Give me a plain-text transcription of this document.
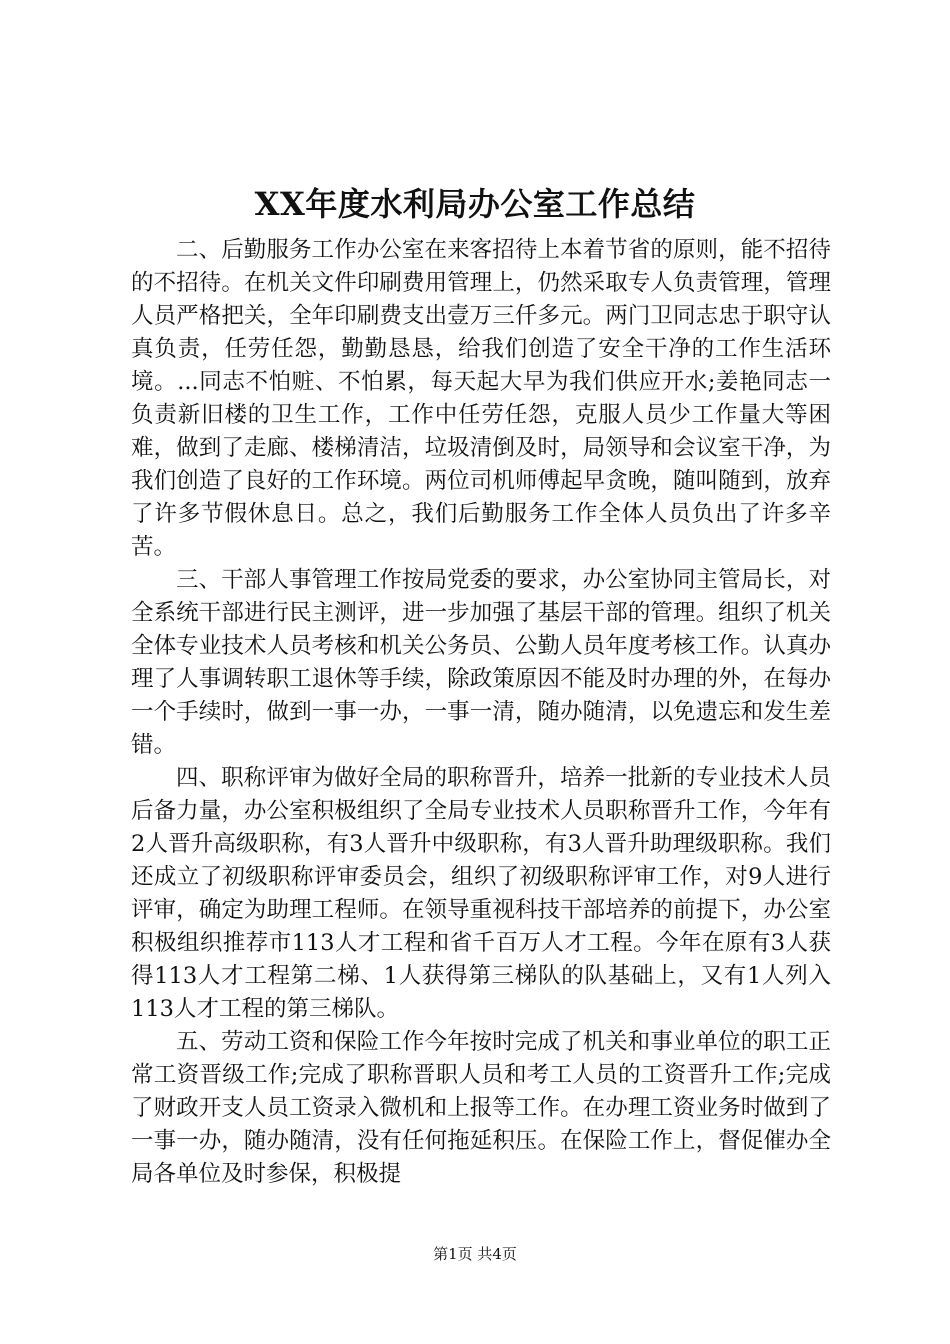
XX年度水利局办公室工作总结

二、后勤服务工作办公室在来客招待上本着节省的原则，能不招待的不招待。在机关文件印刷费用管理上，仍然采取专人负责管理，管理人员严格把关，全年印刷费支出壹万三仟多元。两门卫同志忠于职守认真负责，任劳任怨，勤勤恳恳，给我们创造了安全干净的工作生活环境。...同志不怕赃、不怕累，每天起大早为我们供应开水;姜艳同志一负责新旧楼的卫生工作，工作中任劳任怨，克服人员少工作量大等困难，做到了走廊、楼梯清洁，垃圾清倒及时，局领导和会议室干净，为我们创造了良好的工作环境。两位司机师傅起早贪晚，随叫随到，放弃了许多节假休息日。总之，我们后勤服务工作全体人员负出了许多辛苦。

三、干部人事管理工作按局党委的要求，办公室协同主管局长，对全系统干部进行民主测评，进一步加强了基层干部的管理。组织了机关全体专业技术人员考核和机关公务员、公勤人员年度考核工作。认真办理了人事调转职工退休等手续，除政策原因不能及时办理的外，在每办一个手续时，做到一事一办，一事一清，随办随清，以免遗忘和发生差错。

四、职称评审为做好全局的职称晋升，培养一批新的专业技术人员后备力量，办公室积极组织了全局专业技术人员职称晋升工作，今年有2人晋升高级职称，有3人晋升中级职称，有3人晋升助理级职称。我们还成立了初级职称评审委员会，组织了初级职称评审工作，对9人进行评审，确定为助理工程师。在领导重视科技干部培养的前提下，办公室积极组织推荐市113人才工程和省千百万人才工程。今年在原有3人获得113人才工程第二梯、1人获得第三梯队的队基础上，又有1人列入113人才工程的第三梯队。

五、劳动工资和保险工作今年按时完成了机关和事业单位的职工正常工资晋级工作;完成了职称晋职人员和考工人员的工资晋升工作;完成了财政开支人员工资录入微机和上报等工作。在办理工资业务时做到了一事一办，随办随清，没有任何拖延积压。在保险工作上，督促催办全局各单位及时参保，积极提

第1页 共4页
